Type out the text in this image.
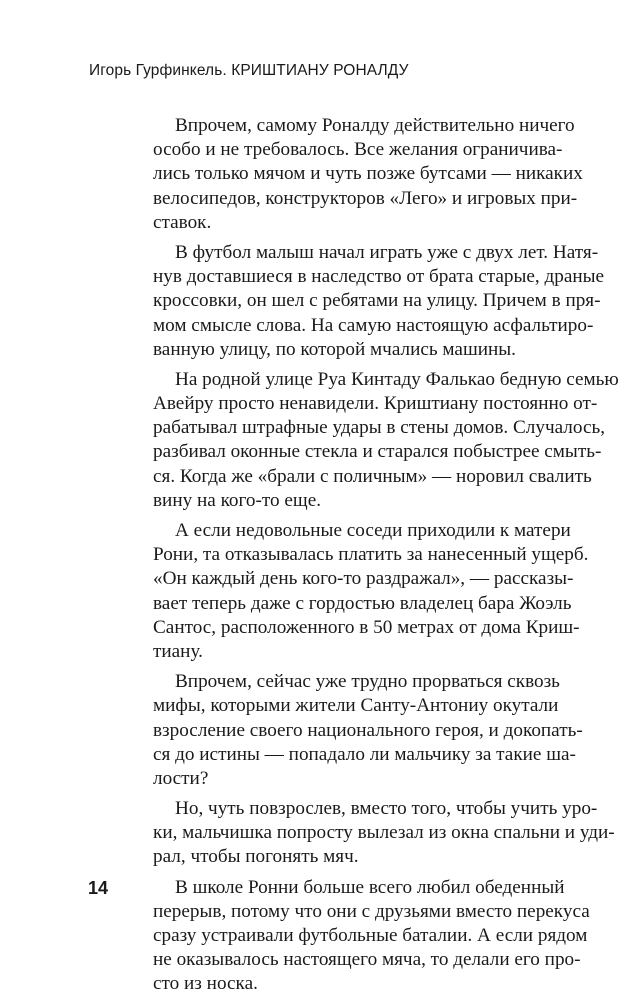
Игорь Гурфинкель. КРИШТИАНУ РОНАЛДУ

Впрочем, самому Роналду действительно ничего
особо и не требовалось. Все желания ограничива-
лись только мячом и чуть позже бутсами — никаких
велосипедов, конструкторов «Лего» и игровых при-
ставок.

В футбол малыш начал играть уже с двух лет. Натя-
нув доставшиеся в наследство от брата старые, драные
кроссовки, он шел с ребятами на улицу. Причем в пря-
мом смысле слова. На самую настоящую асфальтиро-
ванную улицу, по которой мчались машины.

На родной улице Руа Кинтаду Фалькао бедную семью
Авейру просто ненавидели. Криштиану постоянно от-
рабатывал штрафные удары в стены домов. Случалось,
разбивал оконные стекла и старался побыстрее смыть-
ся. Когда же «брали с поличным» — норовил свалить
вину на кого-то еще.

А если недовольные соседи приходили к матери
Рони, та отказывалась платить за нанесенный ущерб.
«Он каждый день кого-то раздражал», — рассказы-
вает теперь даже с гордостью владелец бара Жоэль
Сантос, расположенного в 50 метрах от дома Криш-
тиану.

Впрочем, сейчас уже трудно прорваться сквозь
мифы, которыми жители Санту-Антониу окутали
взросление своего национального героя, и докопать-
ся до истины — попадало ли мальчику за такие ша-
лости?

Но, чуть повзрослев, вместо того, чтобы учить уро-
ки, мальчишка попросту вылезал из окна спальни и уди-
рал, чтобы погонять мяч.

В школе Ронни больше всего любил обеденный
перерыв, потому что они с друзьями вместо перекуса
сразу устраивали футбольные баталии. А если рядом
не оказывалось настоящего мяча, то делали его про-
сто из носка.

14
